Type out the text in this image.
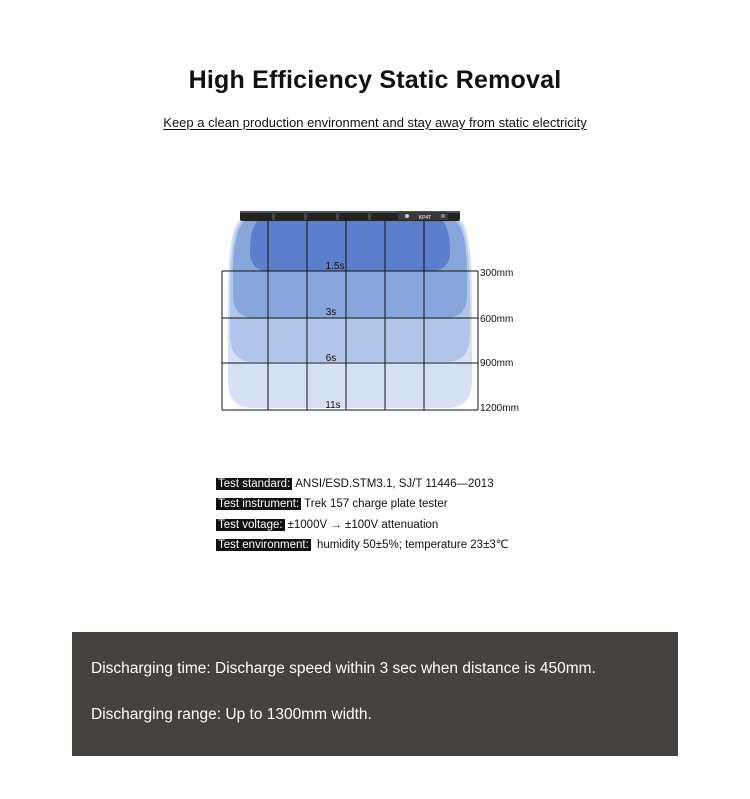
High Efficiency Static Removal

Keep a clean production environment and stay away from static electricity

KP4T
1.5s
3s
6s
11s
300mm
600mm
900mm
1200mm
Test standard: ANSI/ESD.STM3.1, SJ/T 11446—2013
Test instrument: Trek 157 charge plate tester
Test voltage: ±1000V → ±100V attenuation
Test environment: humidity 50±5%; temperature 23±3℃
Discharging time: Discharge speed within 3 sec when distance is 450mm.
Discharging range: Up to 1300mm width.
